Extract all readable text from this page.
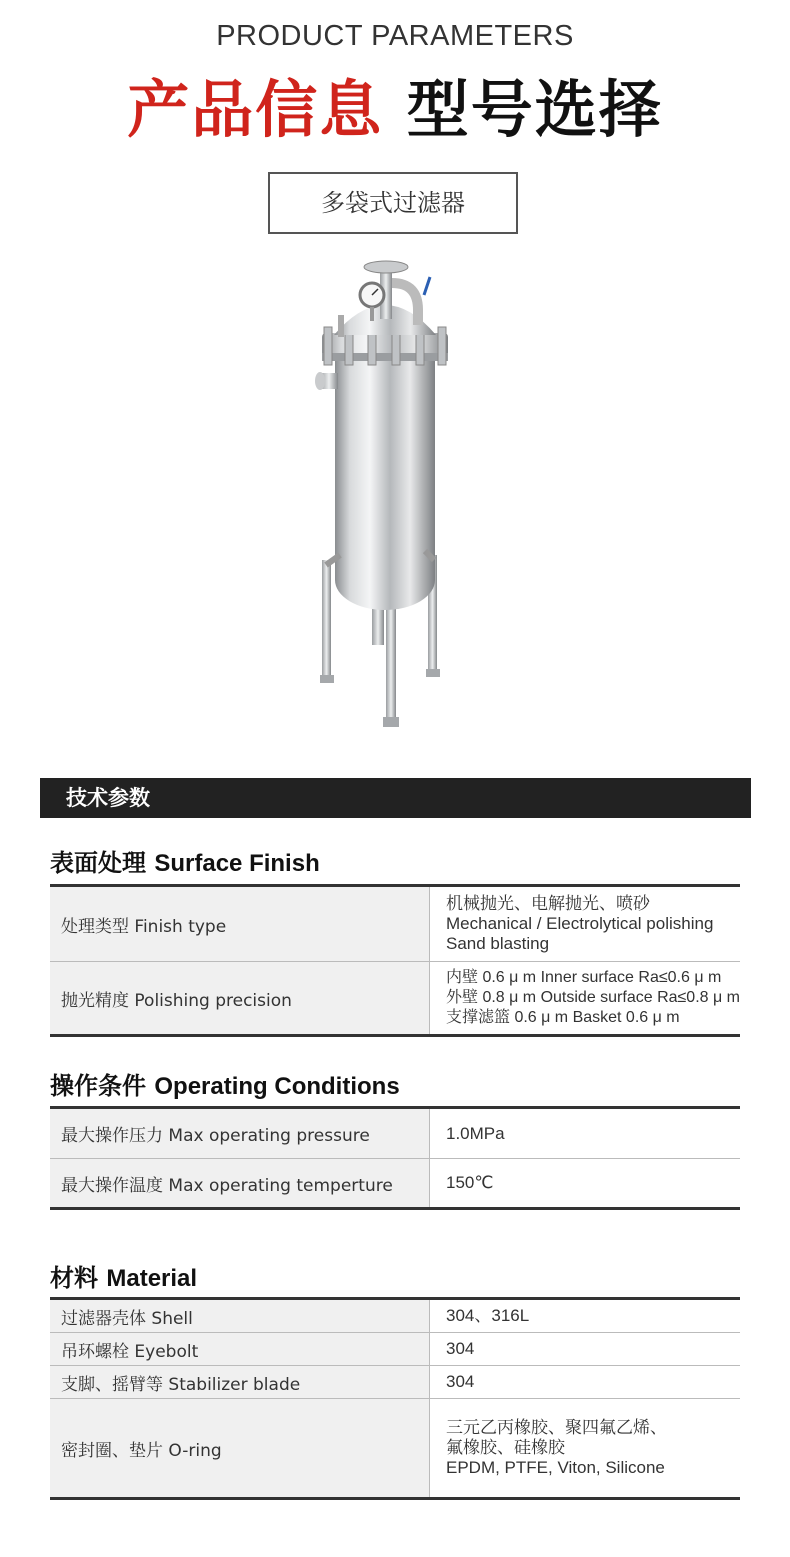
PRODUCT PARAMETERS
产品信息 型号选择
多袋式过滤器
技术参数
表面处理 Surface Finish
处理类型 Finish type	机械抛光、电解抛光、喷砂
Mechanical / Electrolytical polishing
Sand blasting

抛光精度 Polishing precision	内壁 0.6 μ m Inner surface Ra≤0.6 μ m
外壁 0.8 μ m Outside surface Ra≤0.8 μ m
支撑滤篮 0.6 μ m Basket 0.6 μ m
操作条件 Operating Conditions
最大操作压力 Max operating pressure	1.0MPa
最大操作温度 Max operating temperture	150℃
材料 Material
过滤器壳体 Shell	304、316L
吊环螺栓 Eyebolt	304
支脚、摇臂等 Stabilizer blade	304
密封圈、垫片 O-ring	三元乙丙橡胶、聚四氟乙烯、
氟橡胶、硅橡胶
EPDM, PTFE, Viton, Silicone
